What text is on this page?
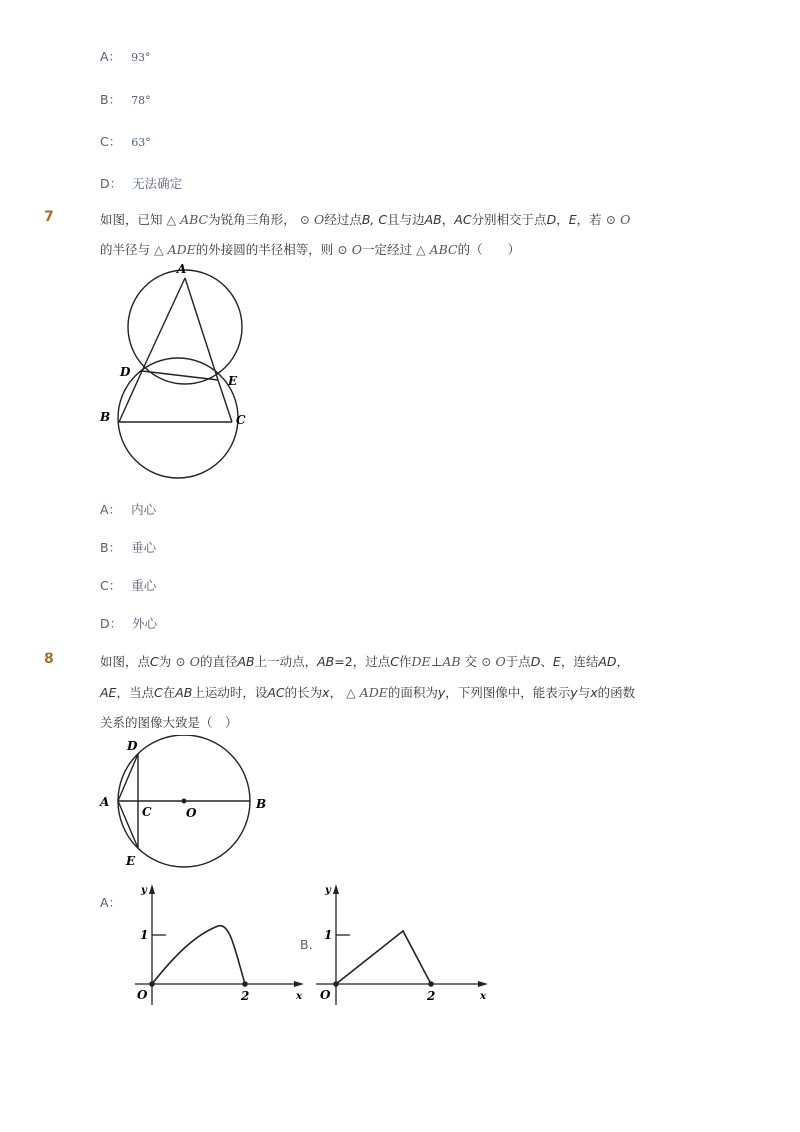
A： 93°
B： 78°
C： 63°
D： 无法确定
7	如图，已知 △ ABC为锐角三角形， ⊙ O经过点B, C且与边AB，AC分别相交于点D，E，若 ⊙ O
的半径与 △ ADE的外接圆的半径相等，则 ⊙ O一定经过 △ ABC的（　　）
A
D
E
B	C
A： 内心
B： 垂心
C： 重心
D： 外心
8	如图，点C为 ⊙ O的直径AB上一动点，AB=2，过点C作DE⊥AB 交 ⊙ O于点D、E，连结AD，
AE，当点C在AB上运动时，设AC的长为x， △ ADE的面积为y，下列图像中，能表示y与x的函数
关系的图像大致是（　）
D
A
C	O
B
E
A：
y
x
1
2
O
B.
y
x
1
2
O
